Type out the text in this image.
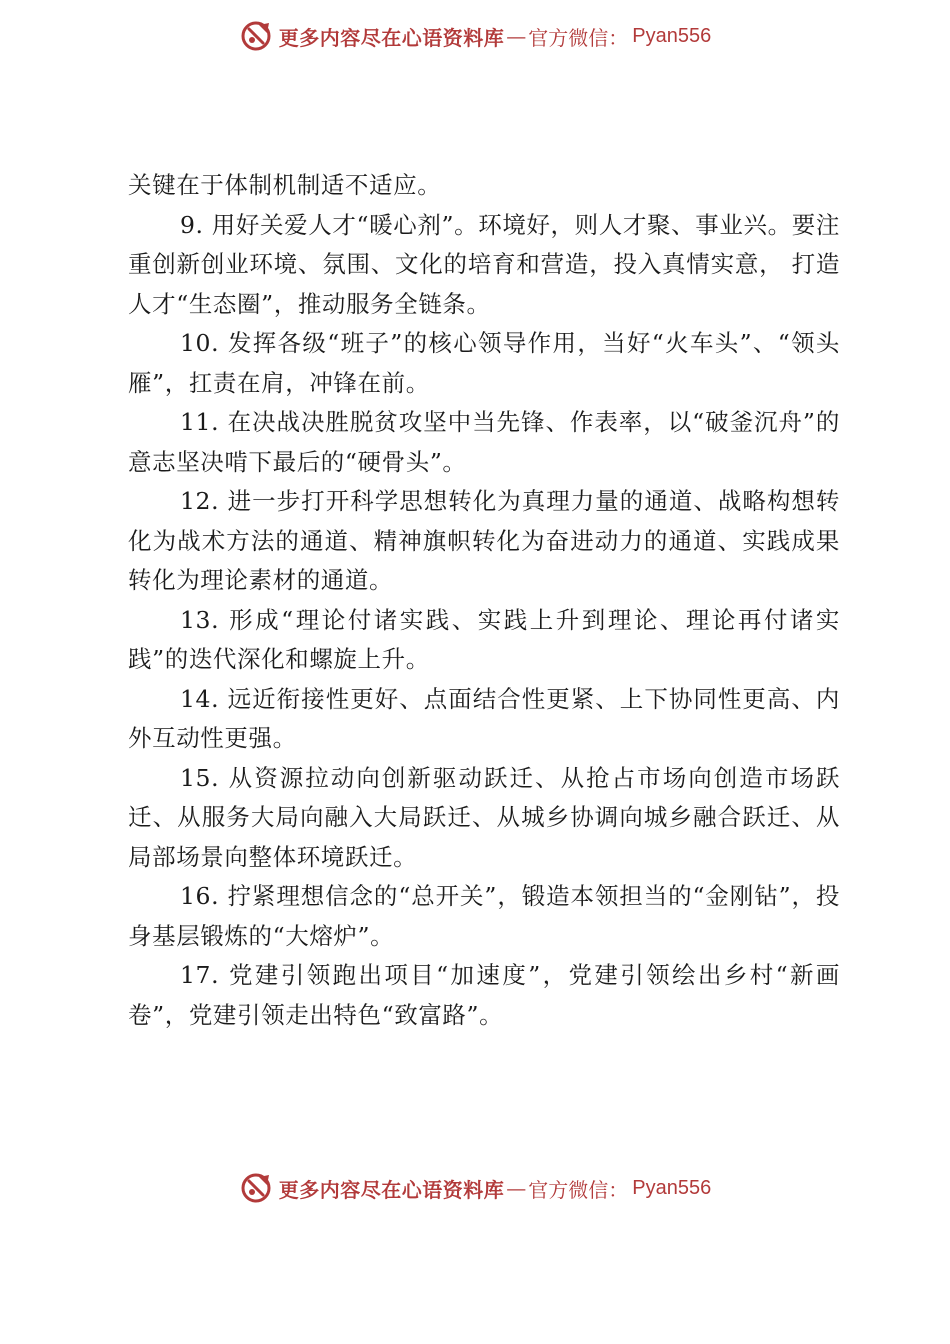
更多内容尽在心语资料库 — 官方微信： Pyan556

关键在于体制机制适不适应。

9. 用好关爱人才“暖心剂”。环境好，则人才聚、事业兴。要注重创新创业环境、氛围、文化的培育和营造，投入真情实意， 打造人才“生态圈”，推动服务全链条。

10. 发挥各级“班子”的核心领导作用，当好“火车头”、“领头雁”，扛责在肩，冲锋在前。

11. 在决战决胜脱贫攻坚中当先锋、作表率，以“破釜沉舟”的意志坚决啃下最后的“硬骨头”。

12. 进一步打开科学思想转化为真理力量的通道、战略构想转化为战术方法的通道、精神旗帜转化为奋进动力的通道、实践成果转化为理论素材的通道。

13. 形成“理论付诸实践、实践上升到理论、理论再付诸实践”的迭代深化和螺旋上升。

14. 远近衔接性更好、点面结合性更紧、上下协同性更高、内外互动性更强。

15. 从资源拉动向创新驱动跃迁、从抢占市场向创造市场跃迁、从服务大局向融入大局跃迁、从城乡协调向城乡融合跃迁、从局部场景向整体环境跃迁。

16. 拧紧理想信念的“总开关”，锻造本领担当的“金刚钻”，投身基层锻炼的“大熔炉”。

17. 党建引领跑出项目“加速度”，党建引领绘出乡村“新画卷”，党建引领走出特色“致富路”。

更多内容尽在心语资料库 — 官方微信： Pyan556
